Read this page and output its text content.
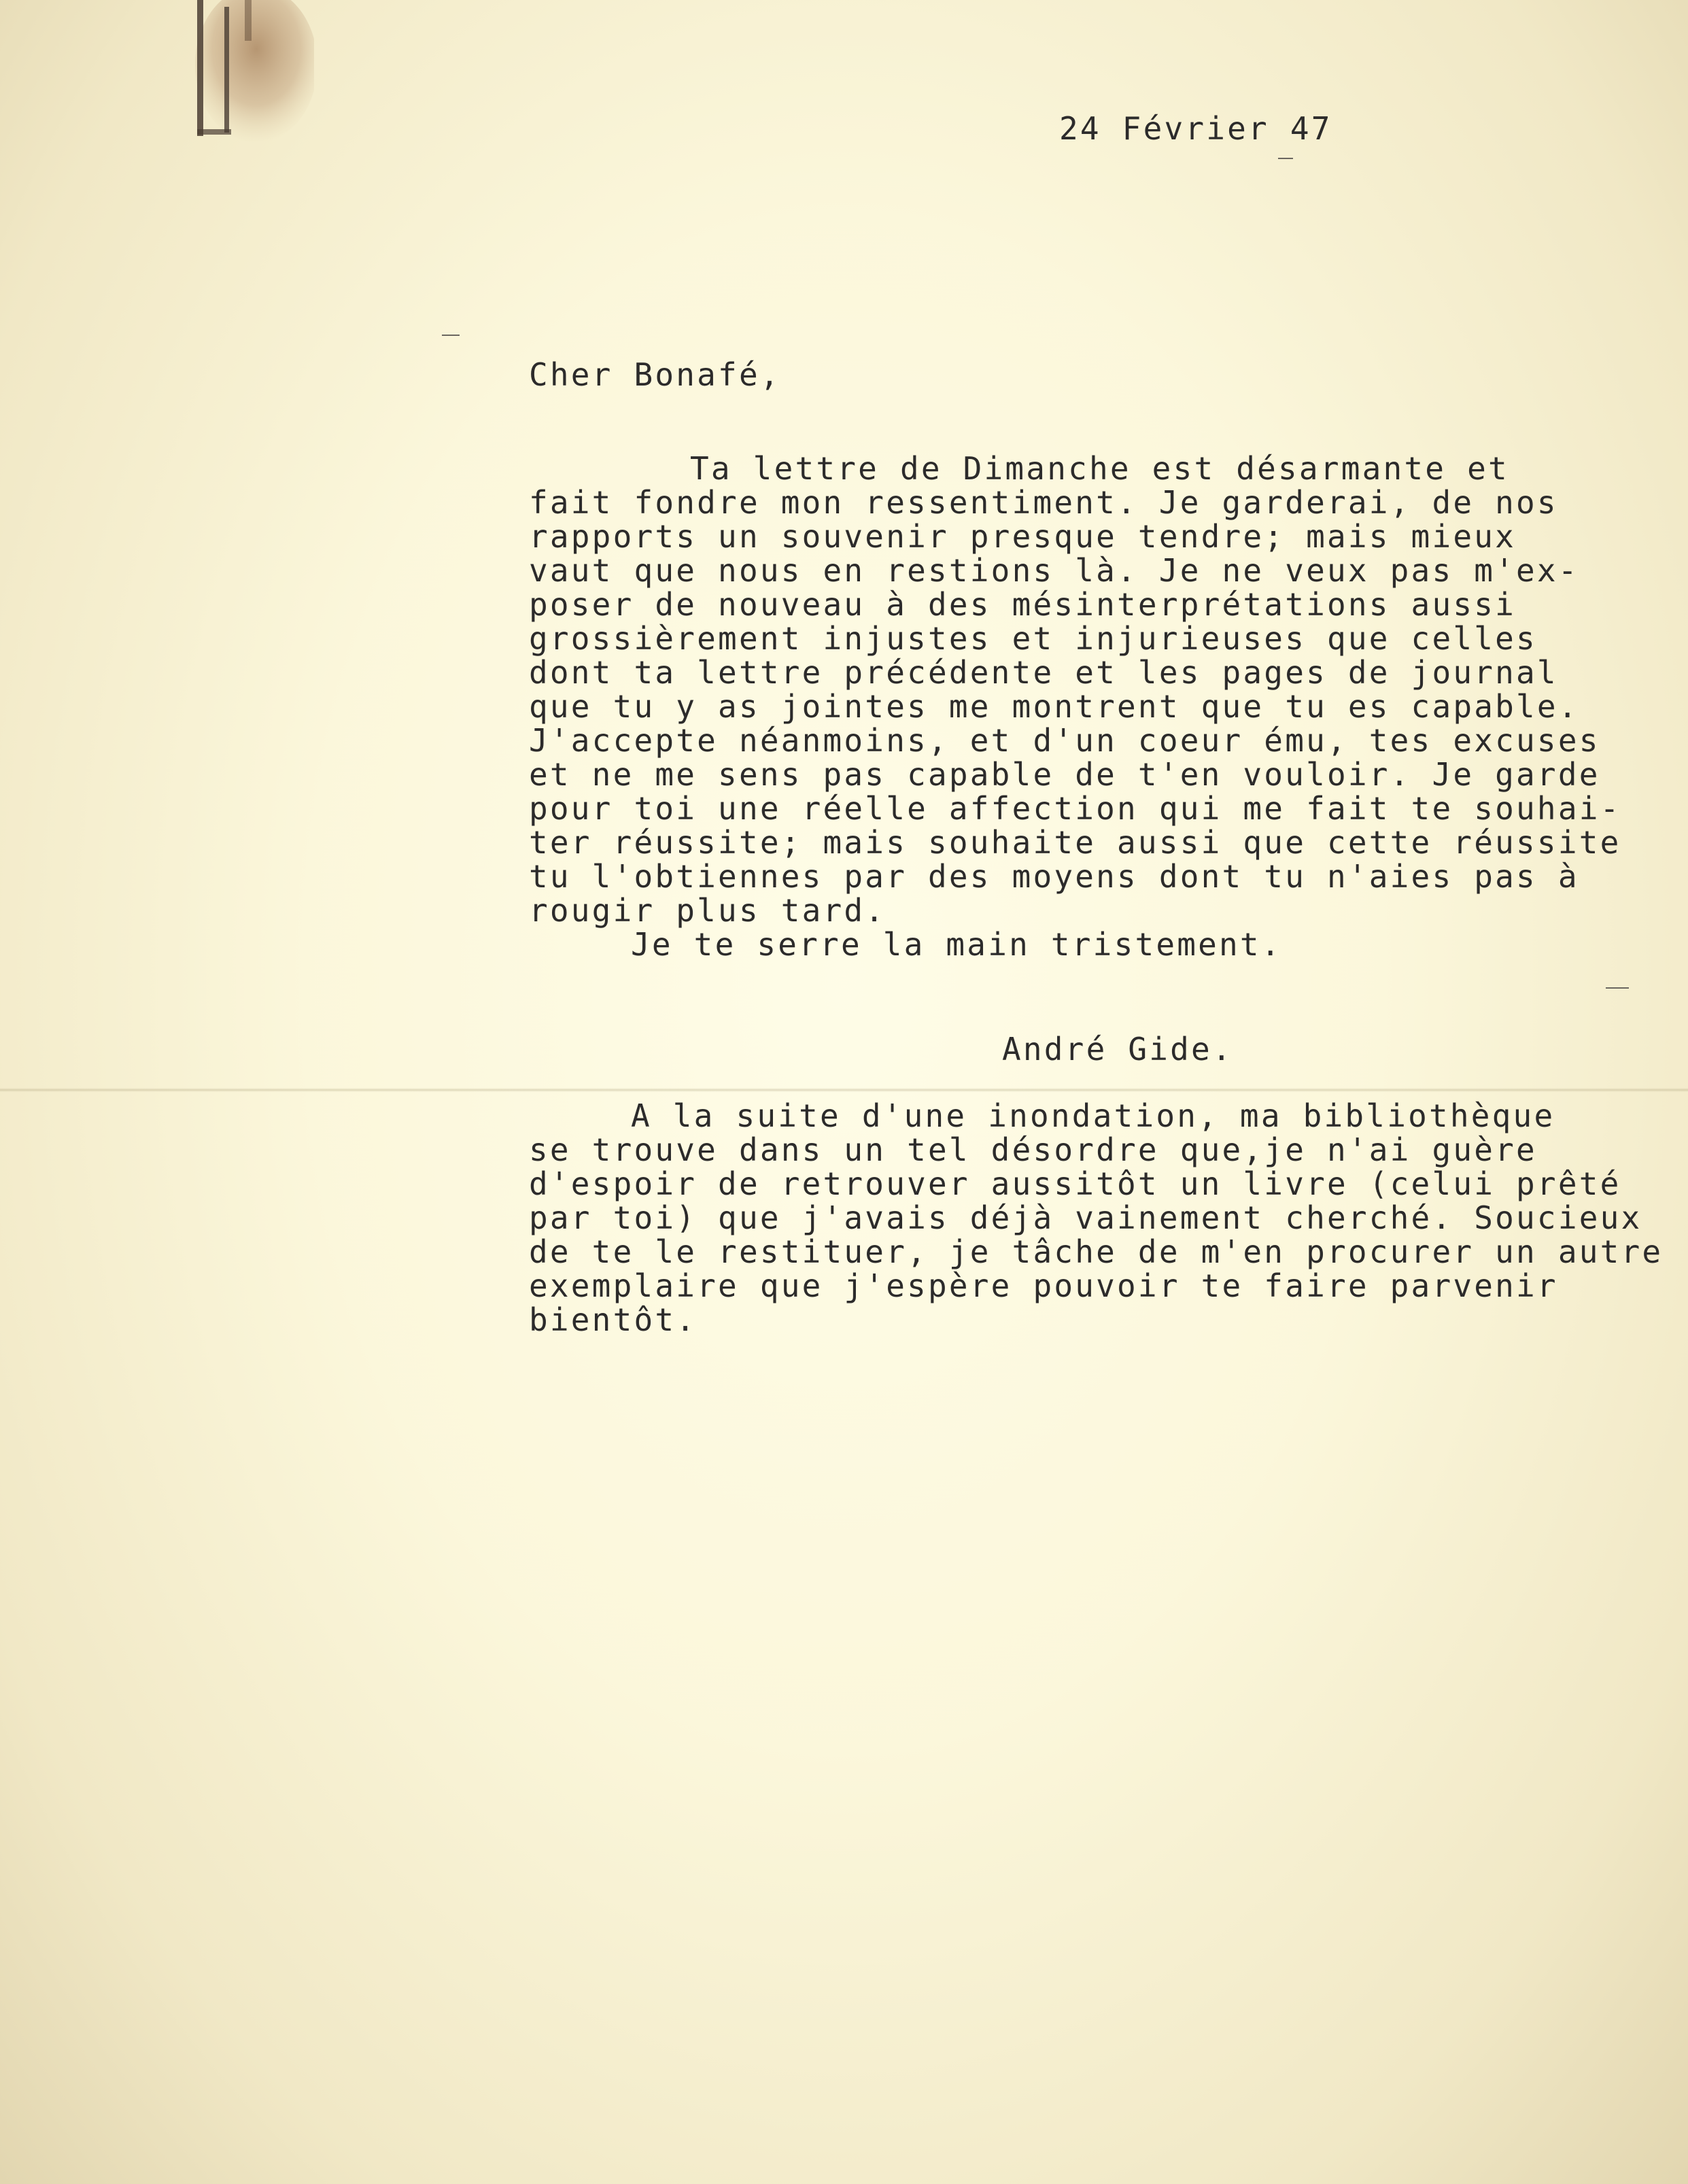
24 Février 47
Cher Bonafé,
Ta lettre de Dimanche est désarmante et
fait fondre mon ressentiment. Je garderai, de nos
rapports un souvenir presque tendre; mais mieux
vaut que nous en restions là. Je ne veux pas m'ex-
poser de nouveau à des mésinterprétations aussi
grossièrement injustes et injurieuses que celles
dont ta lettre précédente et les pages de journal
que tu y as jointes me montrent que tu es capable.
J'accepte néanmoins, et d'un coeur ému, tes excuses
et ne me sens pas capable de t'en vouloir. Je garde
pour toi une réelle affection qui me fait te souhai-
ter réussite; mais souhaite aussi que cette réussite
tu l'obtiennes par des moyens dont tu n'aies pas à
rougir plus tard.
Je te serre la main tristement.
André Gide.
A la suite d'une inondation, ma bibliothèque
se trouve dans un tel désordre que,je n'ai guère
d'espoir de retrouver aussitôt un livre (celui prêté
par toi) que j'avais déjà vainement cherché. Soucieux
de te le restituer, je tâche de m'en procurer un autre
exemplaire que j'espère pouvoir te faire parvenir
bientôt.
